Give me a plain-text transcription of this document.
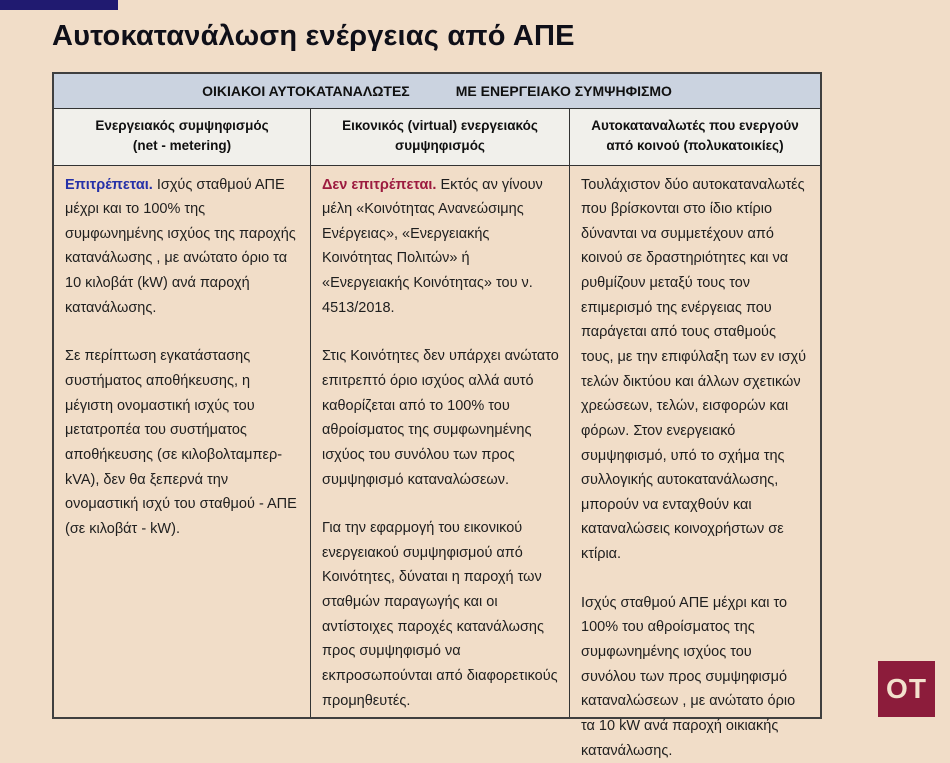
Αυτοκατανάλωση ενέργειας από ΑΠΕ
ΟΙΚΙΑΚΟΙ ΑΥΤΟΚΑΤΑΝΑΛΩΤΕΣ	ΜΕ ΕΝΕΡΓΕΙΑΚΟ ΣΥΜΨΗΦΙΣΜΟ
Ενεργειακός συμψηφισμός
(net - metering)
Εικονικός (virtual) ενεργειακός
συμψηφισμός
Αυτοκαταναλωτές που ενεργούν
από κοινού (πολυκατοικίες)

Επιτρέπεται. Ισχύς σταθμού ΑΠΕ μέχρι και το 100% της συμφωνημένης ισχύος της παροχής κατανάλωσης , με ανώτατο όριο τα 10 κιλοβάτ (kW) ανά παροχή κατανάλωσης.

Σε περίπτωση εγκατάστασης συστήματος αποθήκευσης, η μέγιστη ονομαστική ισχύς του μετατροπέα του συστήματος αποθήκευσης (σε κιλοβολταμπερ-kVA), δεν θα ξεπερνά την ονομαστική ισχύ του σταθμού - ΑΠΕ (σε κιλοβάτ - kW).

Δεν επιτρέπεται. Εκτός αν γίνουν μέλη «Κοινότητας Ανανεώσιμης Ενέργειας», «Ενεργειακής Κοινότητας Πολιτών» ή «Ενεργειακής Κοινότητας» του ν. 4513/2018.

Στις Κοινότητες δεν υπάρχει ανώτατο επιτρεπτό όριο ισχύος αλλά αυτό καθορίζεται από το 100% του αθροίσματος της συμφωνημένης ισχύος του συνόλου των προς συμψηφισμό καταναλώσεων.

Για την εφαρμογή του εικονικού ενεργειακού συμψηφισμού από Κοινότητες, δύναται η παροχή των σταθμών παραγωγής και οι αντίστοιχες παροχές κατανάλωσης προς συμψηφισμό να εκπροσωπούνται από διαφορετικούς προμηθευτές.

Τουλάχιστον δύο αυτοκαταναλωτές που βρίσκονται στο ίδιο κτίριο δύνανται να συμμετέχουν από κοινού σε δραστηριότητες και να ρυθμίζουν μεταξύ τους τον επιμερισμό της ενέργειας που παράγεται από τους σταθμούς τους, με την επιφύλαξη των εν ισχύ τελών δικτύου και άλλων σχετικών χρεώσεων, τελών, εισφορών και φόρων. Στον ενεργειακό συμψηφισμό, υπό το σχήμα της συλλογικής αυτοκατανάλωσης, μπορούν να ενταχθούν και καταναλώσεις κοινοχρήστων σε κτίρια.

Ισχύς σταθμού ΑΠΕ μέχρι και το 100% του αθροίσματος της συμφωνημένης ισχύος του συνόλου των προς συμψηφισμό καταναλώσεων , με ανώτατο όριο τα 10 kW ανά παροχή οικιακής κατανάλωσης.

OT
